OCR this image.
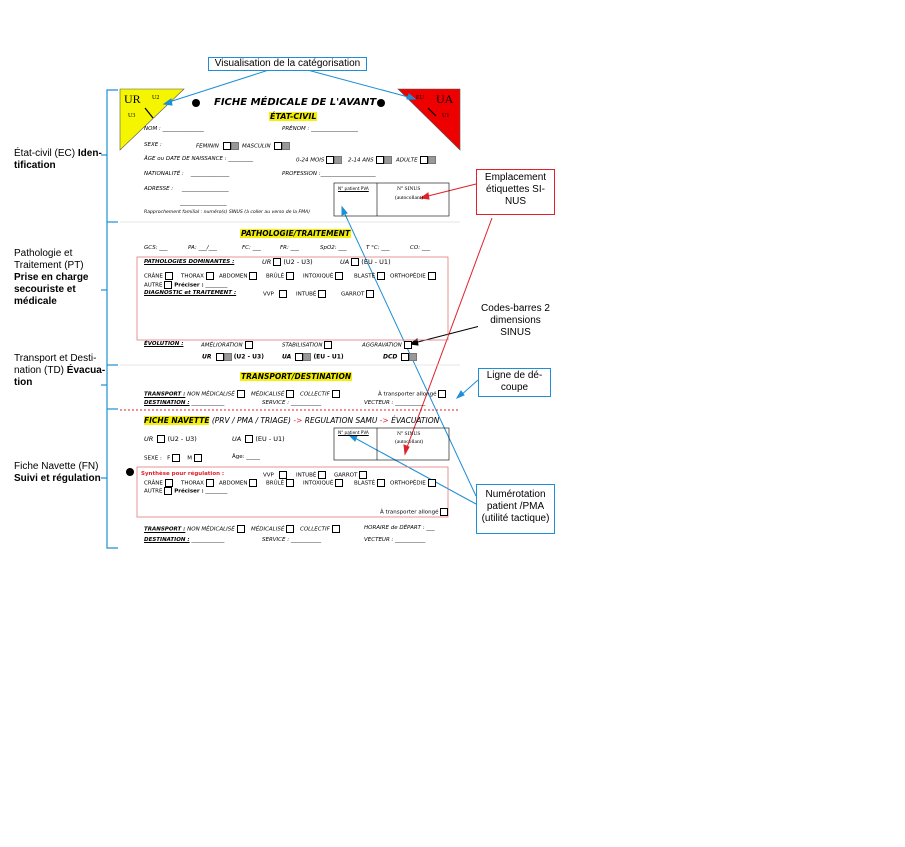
Visualisation de la catégorisation
UR U2
U3
UA
EU
U1
FICHE MÉDICALE DE L'AVANT
ÉTAT-CIVIL
NOM : _______________	PRÉNOM : _________________
SEXE :	FEMININ	MASCULIN
ÂGE ou DATE DE NAISSANCE : _________	0-24 MOIS	2-14 ANS	ADULTE
NATIONALITÉ :    ______________	PROFESSION :____________________
ADRESSE :     _________________
_________________
Rapprochement familial : numéro(s) SINUS (à coller au verso de la FMA)
N° patient PVA	N° SINUS
(autocollant)
État-civil (EC) Iden-
tification
Pathologie et
Traitement (PT)
Prise en charge
secouriste et
médicale
Transport et Desti-
nation (TD) Évacua-
tion
Fiche Navette (FN)
Suivi et régulation
Emplacement étiquettes SI-NUS
Codes-barres 2 dimensions SINUS
Ligne de dé-coupe
Numérotation patient /PMA (utilité tactique)
PATHOLOGIE/TRAITEMENT
GCS: ___	PA: ___/___	FC: ___	FR: ___	SpO2: ___	T °C: ___	CO: ___
PATHOLOGIES DOMINANTES :	UR (U2 - U3)	UA (EU - U1)
CRÂNE	THORAX	ABDOMEN	BRÛLÉ	INTOXIQUÉ	BLASTÉ	ORTHOPÉDIE
AUTRE Préciser : ________
DIAGNOSTIC et TRAITEMENT :	VVP	INTUBÉ	GARROT
ÉVOLUTION :	AMÉLIORATION	STABILISATION	AGGRAVATION
UR	(U2 - U3)	UA	(EU - U1)	DCD
TRANSPORT/DESTINATION
TRANSPORT : NON MÉDICALISÉ	MÉDICALISÉ	COLLECTIF	À transporter allongé
DESTINATION : ____________	SERVICE : ___________	VECTEUR : ___________
FICHE NAVETTE (PRV / PMA / TRIAGE) -> REGULATION SAMU -> ÉVACUATION
UR (U2 - U3)	UA (EU - U1)
N° patient PVA	N° SINUS
(autocollant)
SEXE : F	M	Âge: _____
Synthèse pour régulation :	VVP	INTUBÉ	GARROT
CRÂNE	THORAX	ABDOMEN	BRÛLÉ	INTOXIQUÉ	BLASTÉ	ORTHOPÉDIE
AUTRE Préciser : ________
À transporter allongé
TRANSPORT : NON MÉDICALISÉ	MÉDICALISÉ	COLLECTIF	HORAIRE de DÉPART : ___
DESTINATION : ____________	SERVICE : ___________	VECTEUR : ___________
